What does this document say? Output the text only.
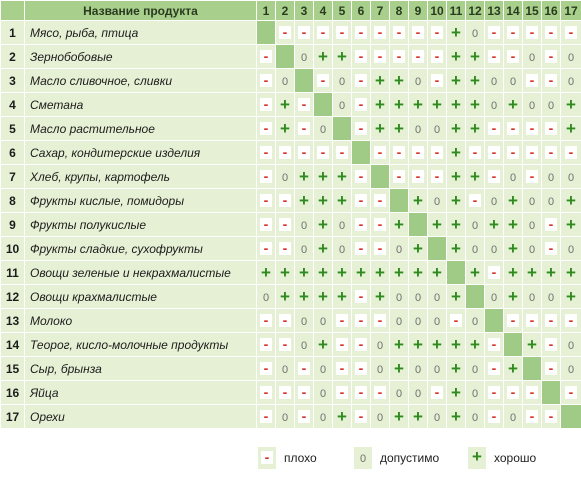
	Название продукта	1	2	3	4	5	6	7	8	9	10	11	12	13	14	15	16	17
1	Мясо, рыба, птица		-	-	-	-	-	-	-	-	-	+	0	-	-	-	-	-
2	Зернобобовые	-		0	+	+	-	-	-	-	-	+	+	-	-	0	-	0
3	Масло сливочное, сливки	-	0		-	0	-	+	+	0	-	+	+	0	0	-	-	0
4	Сметана	-	+	-		0	-	+	+	+	+	+	+	0	+	0	0	+
5	Масло растительное	-	+	-	0		-	+	+	0	0	+	+	-	-	-	-	+
6	Сахар, кондитерские изделия	-	-	-	-	-		-	-	-	-	+	-	-	-	-	-	-
7	Хлеб, крупы, картофель	-	0	+	+	+	-		-	-	-	+	+	-	0	-	0	0
8	Фрукты кислые, помидоры	-	-	+	+	+	-	-		+	0	+	-	0	+	0	0	+
9	Фрукты полукислые	-	-	0	+	0	-	-	+		+	+	0	+	+	0	-	+
10	Фрукты сладкие, сухофрукты	-	-	0	+	0	-	-	0	+		+	0	0	+	0	-	0
11	Овощи зеленые и некрахмалистые	+	+	+	+	+	+	+	+	+	+		+	-	+	+	+	+
12	Овощи крахмалистые	0	+	+	+	+	-	+	0	0	0	+		0	+	0	0	+
13	Молоко	-	-	0	0	-	-	-	0	0	0	-	0		-	-	-	-
14	Теорог, кисло-молочные продукты	-	-	0	+	-	-	0	+	+	+	+	+	-		+	-	0
15	Сыр, брынза	-	0	-	0	-	-	0	+	0	0	+	0	-	+		-	0
16	Яйца	-	-	-	0	-	-	-	0	0	-	+	0	-	-	-		-
17	Орехи	-	0	-	0	+	-	0	+	+	0	+	0	-	0	-	-	
-	плохо	0	допустимо +	хорошо
